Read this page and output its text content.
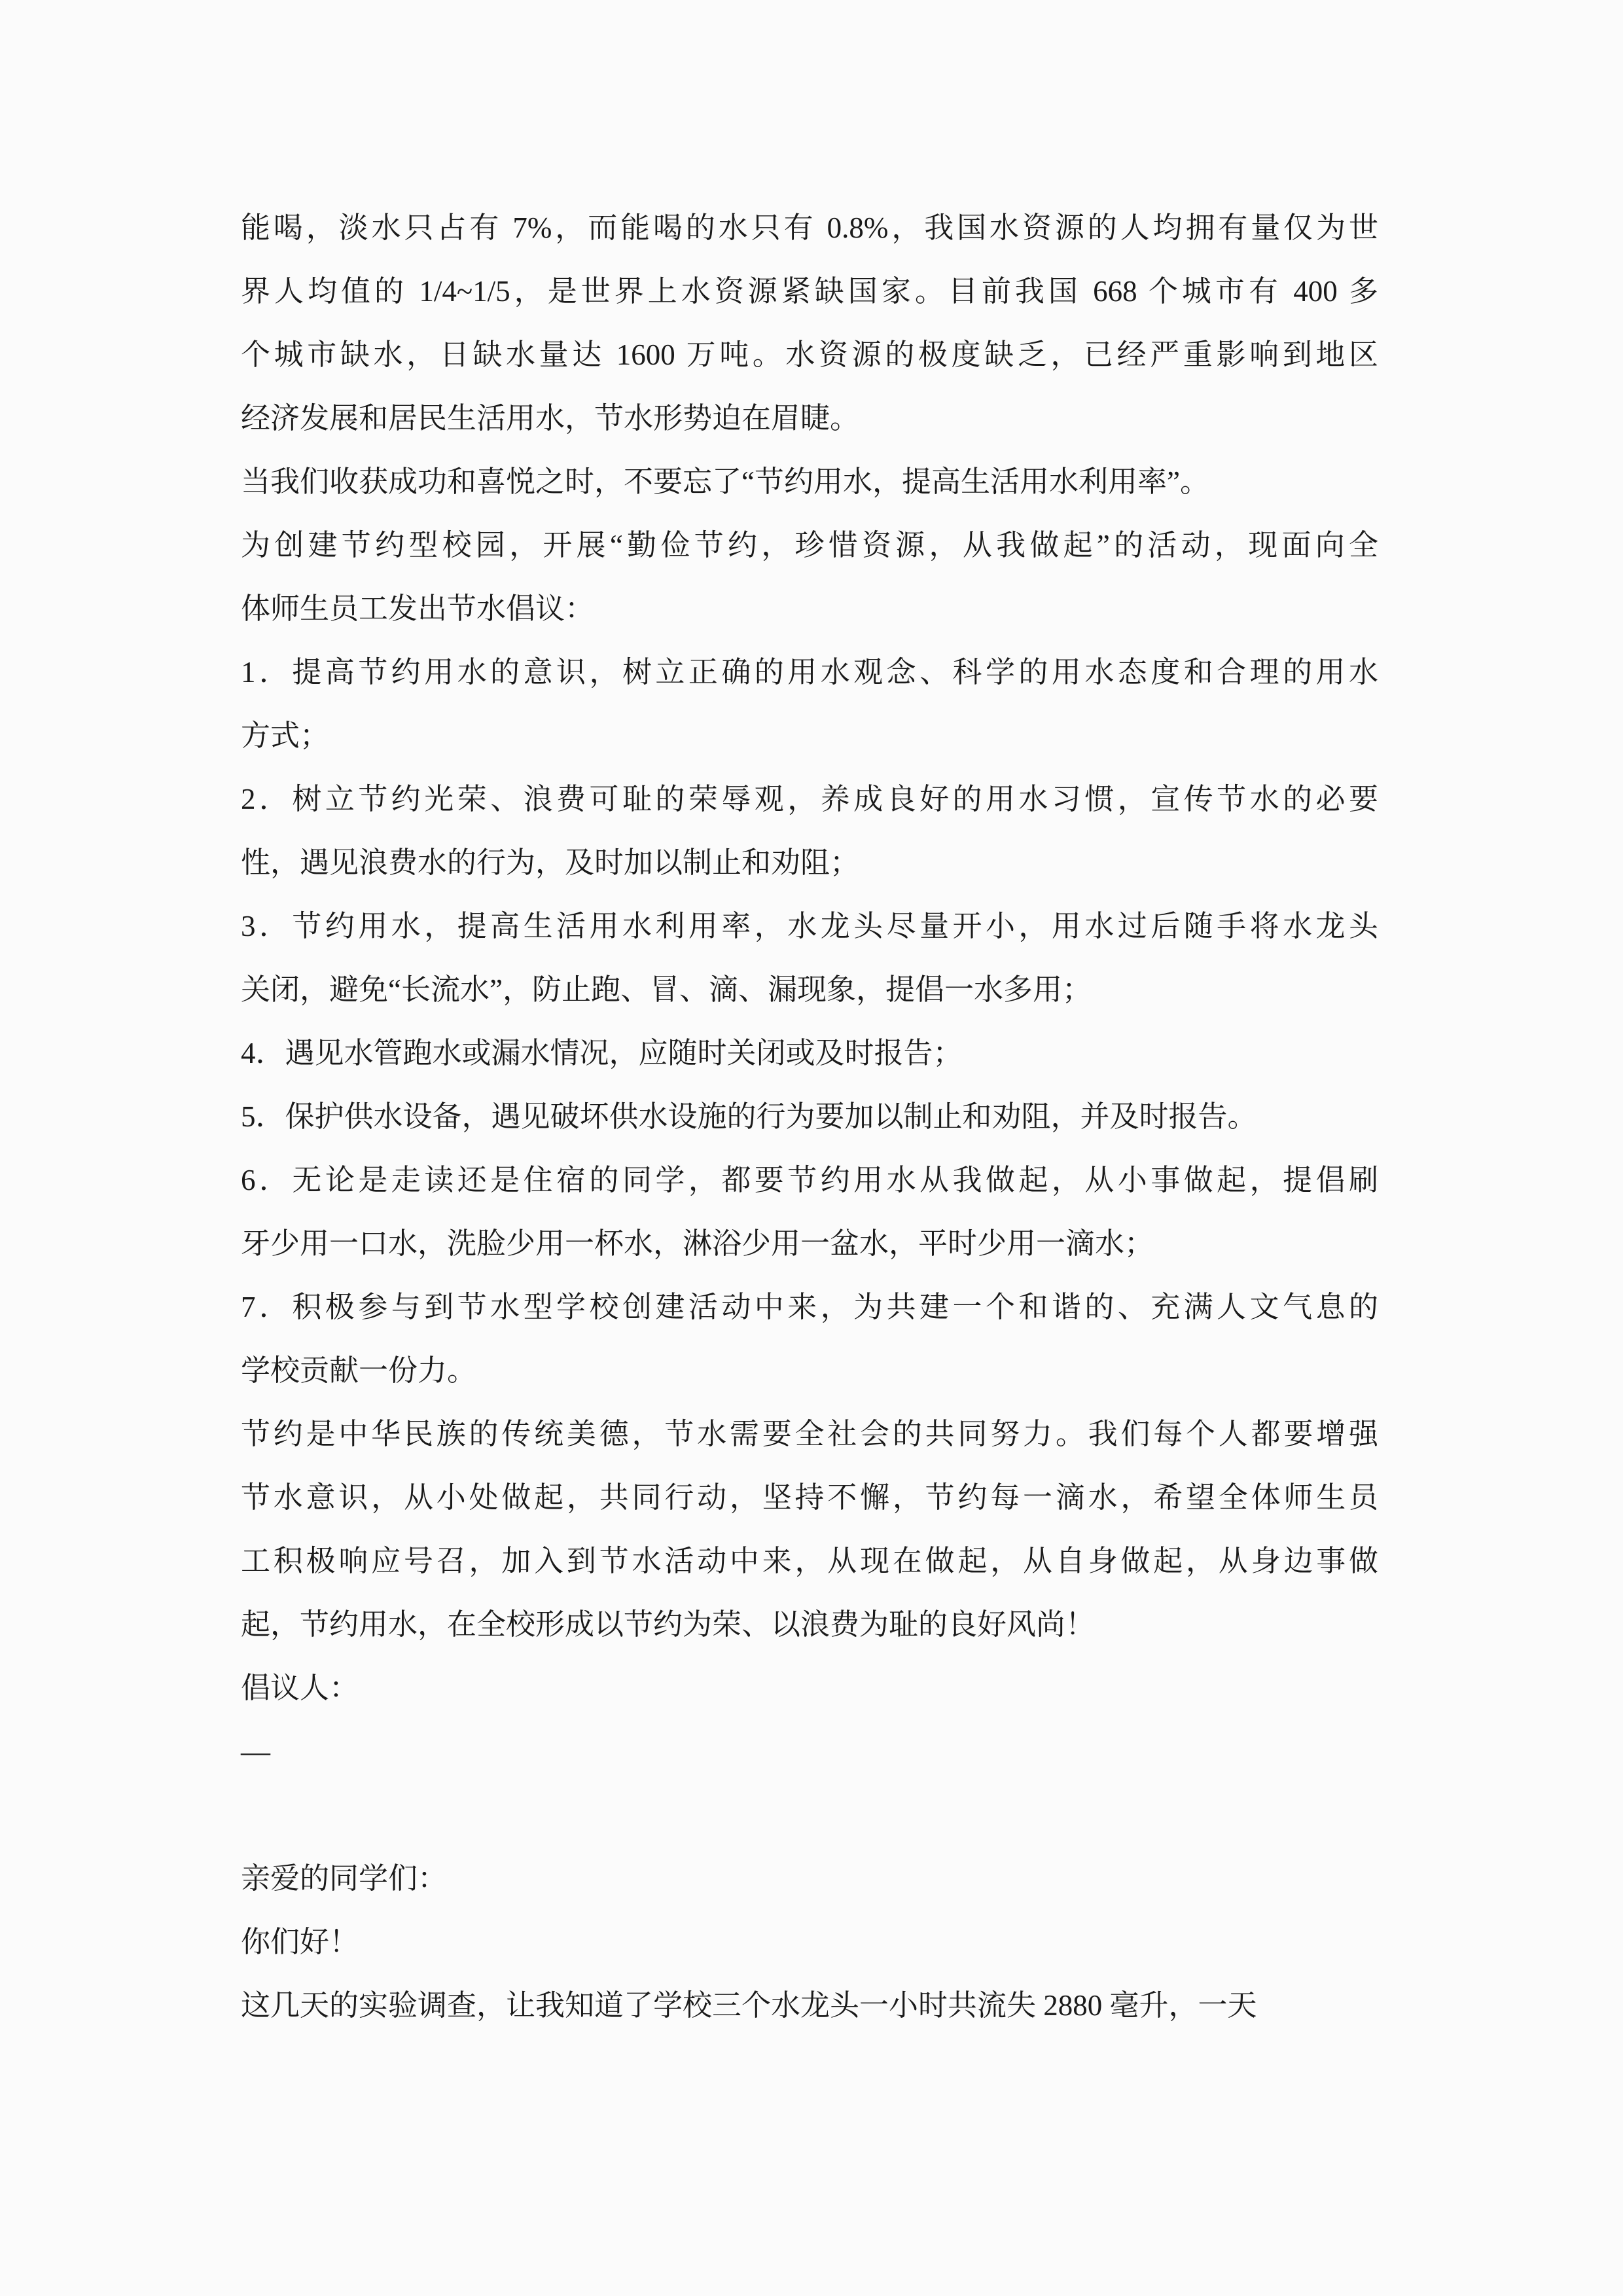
能喝，淡水只占有 7%，而能喝的水只有 0.8%，我国水资源的人均拥有量仅为世
界人均值的 1/4~1/5，是世界上水资源紧缺国家。目前我国 668 个城市有 400 多
个城市缺水，日缺水量达 1600 万吨。水资源的极度缺乏，已经严重影响到地区
经济发展和居民生活用水，节水形势迫在眉睫。
当我们收获成功和喜悦之时，不要忘了“节约用水，提高生活用水利用率”。
为创建节约型校园，开展“勤俭节约，珍惜资源，从我做起”的活动，现面向全
体师生员工发出节水倡议：
1．提高节约用水的意识，树立正确的用水观念、科学的用水态度和合理的用水
方式；
2．树立节约光荣、浪费可耻的荣辱观，养成良好的用水习惯，宣传节水的必要
性，遇见浪费水的行为，及时加以制止和劝阻；
3．节约用水，提高生活用水利用率，水龙头尽量开小，用水过后随手将水龙头
关闭，避免“长流水”，防止跑、冒、滴、漏现象，提倡一水多用；
4．遇见水管跑水或漏水情况，应随时关闭或及时报告；
5．保护供水设备，遇见破坏供水设施的行为要加以制止和劝阻，并及时报告。
6．无论是走读还是住宿的同学，都要节约用水从我做起，从小事做起，提倡刷
牙少用一口水，洗脸少用一杯水，淋浴少用一盆水，平时少用一滴水；
7．积极参与到节水型学校创建活动中来，为共建一个和谐的、充满人文气息的
学校贡献一份力。
节约是中华民族的传统美德，节水需要全社会的共同努力。我们每个人都要增强
节水意识，从小处做起，共同行动，坚持不懈，节约每一滴水，希望全体师生员
工积极响应号召，加入到节水活动中来，从现在做起，从自身做起，从身边事做
起，节约用水，在全校形成以节约为荣、以浪费为耻的良好风尚！
倡议人：
—
亲爱的同学们：
你们好！
这几天的实验调查，让我知道了学校三个水龙头一小时共流失 2880 毫升，一天
